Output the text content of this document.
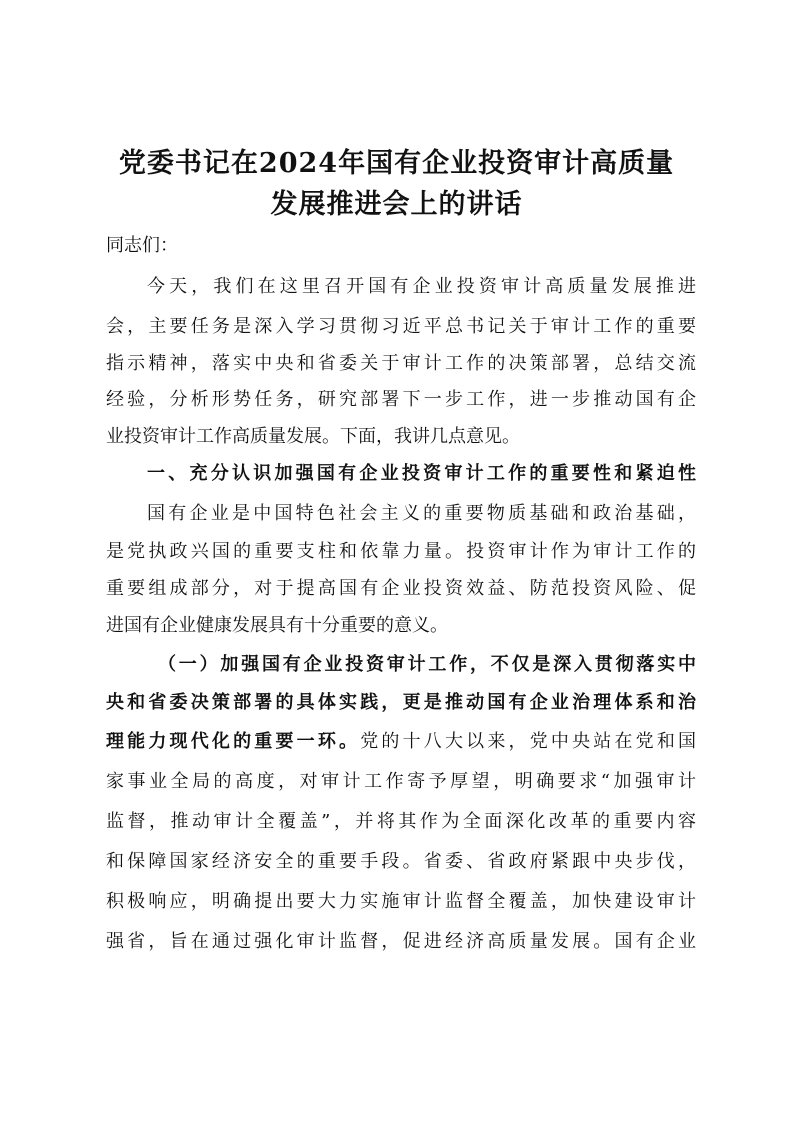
党委书记在2024年国有企业投资审计高质量
发展推进会上的讲话
同志们：
今天，我们在这里召开国有企业投资审计高质量发展推进
会，主要任务是深入学习贯彻习近平总书记关于审计工作的重要
指示精神，落实中央和省委关于审计工作的决策部署，总结交流
经验，分析形势任务，研究部署下一步工作，进一步推动国有企
业投资审计工作高质量发展。下面，我讲几点意见。
一、充分认识加强国有企业投资审计工作的重要性和紧迫性
国有企业是中国特色社会主义的重要物质基础和政治基础，
是党执政兴国的重要支柱和依靠力量。投资审计作为审计工作的
重要组成部分，对于提高国有企业投资效益、防范投资风险、促
进国有企业健康发展具有十分重要的意义。
（一）加强国有企业投资审计工作，不仅是深入贯彻落实中
央和省委决策部署的具体实践，更是推动国有企业治理体系和治
理能力现代化的重要一环。党的十八大以来，党中央站在党和国
家事业全局的高度，对审计工作寄予厚望，明确要求“加强审计
监督，推动审计全覆盖”，并将其作为全面深化改革的重要内容
和保障国家经济安全的重要手段。省委、省政府紧跟中央步伐，
积极响应，明确提出要大力实施审计监督全覆盖，加快建设审计
强省，旨在通过强化审计监督，促进经济高质量发展。国有企业
